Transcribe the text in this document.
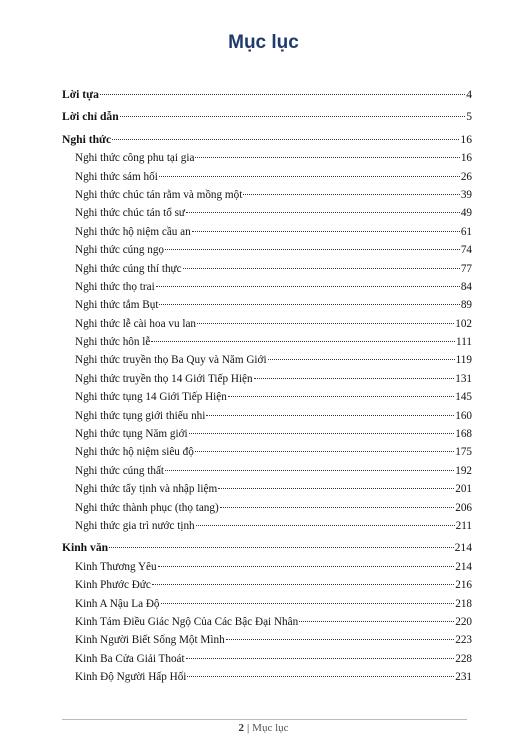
Mục lục
Lời tựa	4
Lời chỉ dẫn	5
Nghi thức	16
Nghi thức công phu tại gia	16
Nghi thức sám hối	26
Nghi thức chúc tán rằm và mồng một	39
Nghi thức chúc tán tổ sư	49
Nghi thức hộ niệm cầu an	61
Nghi thức cúng ngọ	74
Nghi thức cúng thí thực	77
Nghi thức thọ trai	84
Nghi thức tắm Bụt	89
Nghi thức lễ cài hoa vu lan	102
Nghi thức hôn lễ	111
Nghi thức truyền thọ Ba Quy và Năm Giới	119
Nghi thức truyền thọ 14 Giới Tiếp Hiện	131
Nghi thức tụng 14 Giới Tiếp Hiện	145
Nghi thức tụng giới thiếu nhi	160
Nghi thức tụng Năm giới	168
Nghi thức hộ niệm siêu độ	175
Nghi thức cúng thất	192
Nghi thức tẩy tịnh và nhập liệm	201
Nghi thức thành phục (thọ tang)	206
Nghi thức gia trì nước tịnh	211
Kinh văn	214
Kinh Thương Yêu	214
Kinh Phước Đức	216
Kinh A Nậu La Độ	218
Kinh Tám Điều Giác Ngộ Của Các Bậc Đại Nhân	220
Kinh Người Biết Sống Một Mình	223
Kinh Ba Cửa Giải Thoát	228
Kinh Độ Người Hấp Hối	231
2 | Mục lục
